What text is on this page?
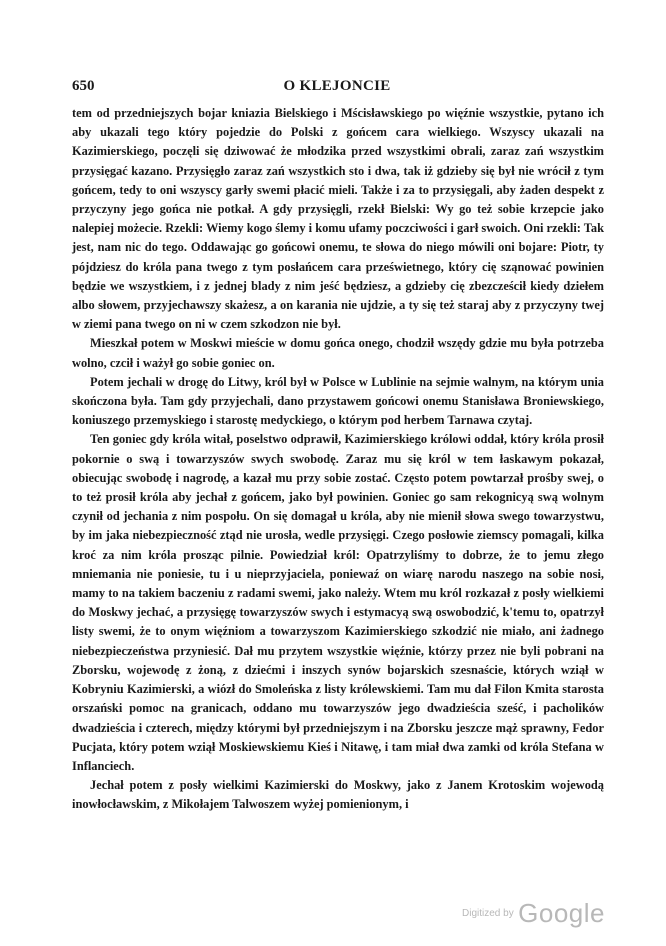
650	O KLEJONCIE

tem od przedniejszych bojar kniazia Bielskiego i Mścisławskiego po więźnie wszystkie, pytano ich aby ukazali tego który pojedzie do Polski z gońcem cara wielkiego. Wszyscy ukazali na Kazimierskiego, poczęli się dziwować że młodzika przed wszystkimi obrali, zaraz zań wszystkim przysięgać kazano. Przysięgło zaraz zań wszystkich sto i dwa, tak iż gdzieby się był nie wrócił z tym gońcem, tedy to oni wszyscy garły swemi płacić mieli. Także i za to przysięgali, aby żaden despekt z przyczyny jego gońca nie potkał. A gdy przysięgli, rzekł Bielski: Wy go też sobie krzepcie jako nalepiej możecie. Rzekli: Wiemy kogo ślemy i komu ufamy poczciwości i garł swoich. Oni rzekli: Tak jest, nam nic do tego. Oddawając go gońcowi onemu, te słowa do niego mówili oni bojare: Piotr, ty pójdziesz do króla pana twego z tym posłańcem cara prześwietnego, który cię sząnować powinien będzie we wszystkiem, i z jednej blady z nim jeść będziesz, a gdzieby cię zbezcześcił kiedy dziełem albo słowem, przyjechawszy skażesz, a on karania nie ujdzie, a ty się też staraj aby z przyczyny twej w ziemi pana twego on ni w czem szkodzon nie był.

Mieszkał potem w Moskwi mieście w domu gońca onego, chodził wszędy gdzie mu była potrzeba wolno, czcił i ważył go sobie goniec on.

Potem jechali w drogę do Litwy, król był w Polsce w Lublinie na sejmie walnym, na którym unia skończona była. Tam gdy przyjechali, dano przystawem gońcowi onemu Stanisława Broniewskiego, koniuszego przemyskiego i starostę medyckiego, o którym pod herbem Tarnawa czytaj.

Ten goniec gdy króla witał, poselstwo odprawił, Kazimierskiego królowi oddał, który króla prosił pokornie o swą i towarzyszów swych swobodę. Zaraz mu się król w tem łaskawym pokazał, obiecując swobodę i nagrodę, a kazał mu przy sobie zostać. Często potem powtarzał prośby swej, o to też prosił króla aby jechał z gońcem, jako był powinien. Goniec go sam rekognicyą swą wolnym czynił od jechania z nim pospołu. On się domagał u króla, aby nie mienił słowa swego towarzystwu, by im jaka niebezpieczność ztąd nie urosła, wedle przysięgi. Czego posłowie ziemscy pomagali, kilka kroć za nim króla prosząc pilnie. Powiedział król: Opatrzyliśmy to dobrze, że to jemu złego mniemania nie poniesie, tu i u nieprzyjaciela, poniewaź on wiarę narodu naszego na sobie nosi, mamy to na takiem baczeniu z radami swemi, jako należy. Wtem mu król rozkazał z posły wielkiemi do Moskwy jechać, a przysięgę towarzyszów swych i estymacyą swą oswobodzić, k'temu to, opatrzył listy swemi, że to onym więźniom a towarzyszom Kazimierskiego szkodzić nie miało, ani żadnego niebezpieczeństwa przyniesić. Dał mu przytem wszystkie więźnie, którzy przez nie byli pobrani na Zborsku, wojewodę z żoną, z dziećmi i inszych synów bojarskich szesnaście, których wziął w Kobryniu Kazimierski, a wiózł do Smoleńska z listy królewskiemi. Tam mu dał Filon Kmita starosta orszański pomoc na granicach, oddano mu towarzyszów jego dwadzieścia sześć, i pacholików dwadzieścia i czterech, między którymi był przedniejszym i na Zborsku jeszcze mąż sprawny, Fedor Pucjata, który potem wziął Moskiewskiemu Kieś i Nitawę, i tam miał dwa zamki od króla Stefana w Inflanciech.

Jechał potem z posły wielkimi Kazimierski do Moskwy, jako z Janem Krotoskim wojewodą inowłocławskim, z Mikołajem Talwoszem wyżej pomienionym, i

Digitized by Google
